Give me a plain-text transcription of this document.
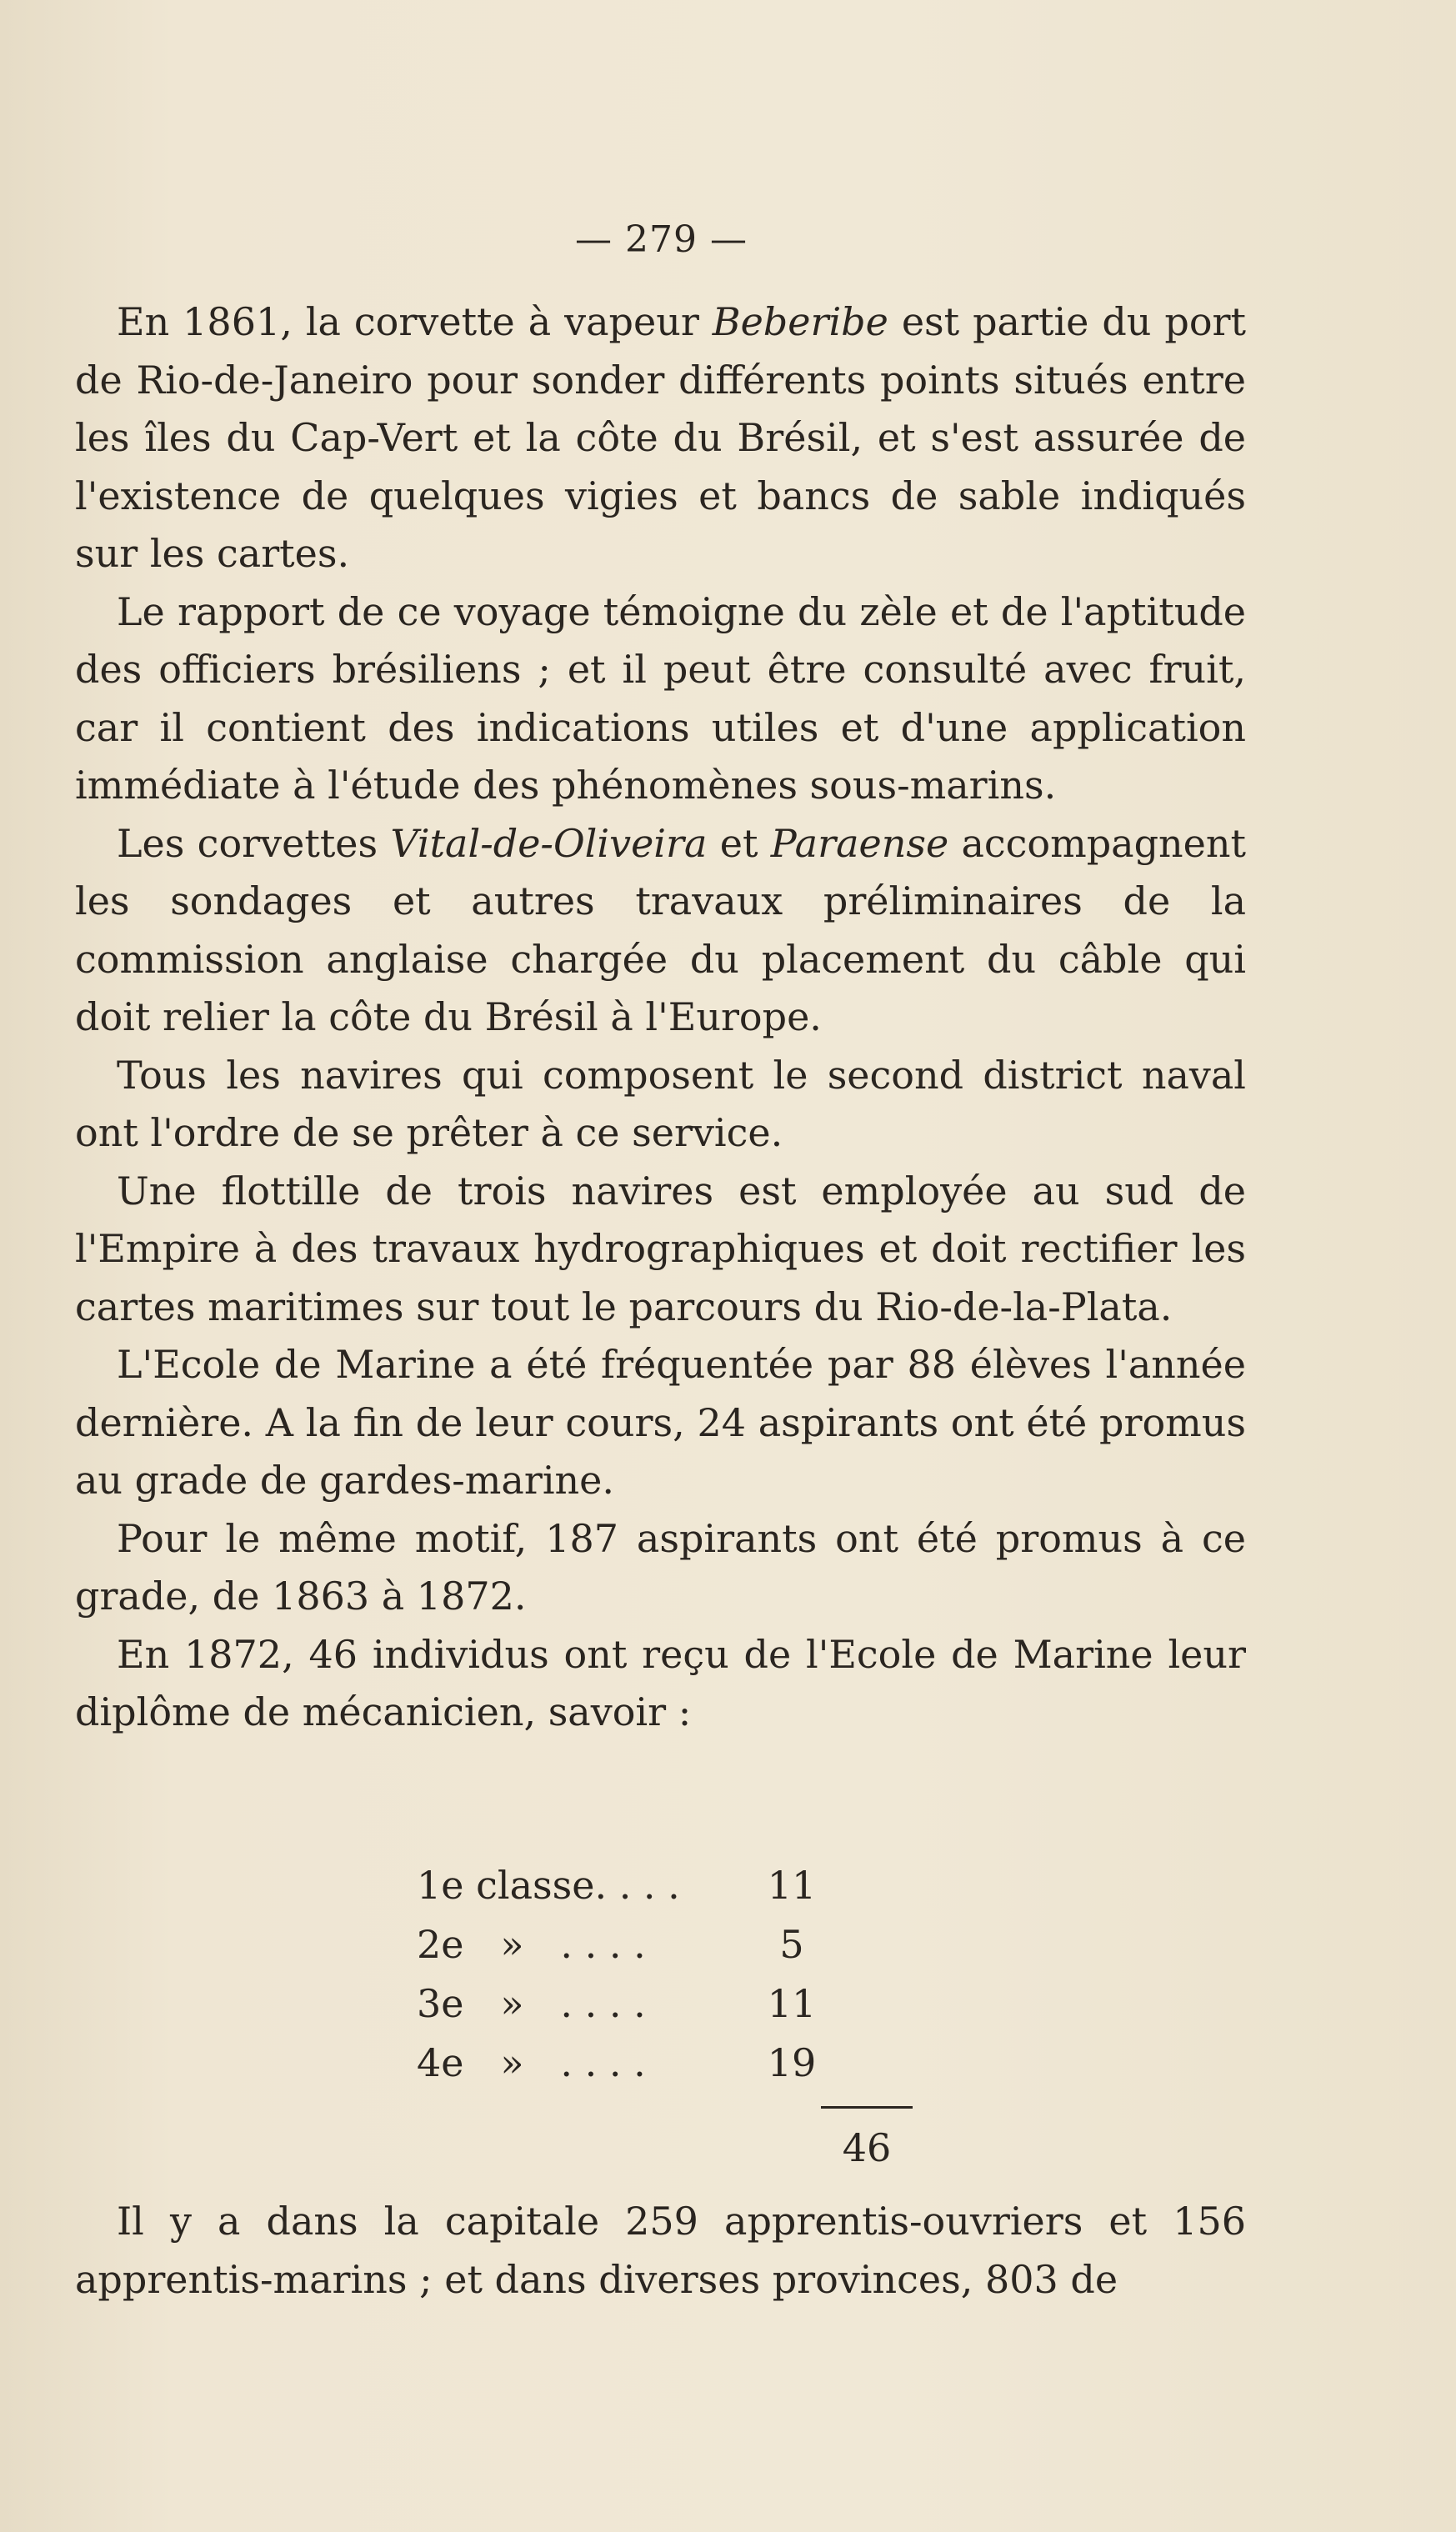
— 279 —

En 1861, la corvette à vapeur Beberibe est partie du port de Rio-de-Janeiro pour sonder différents points situés entre les îles du Cap-Vert et la côte du Brésil, et s'est assurée de l'existence de quelques vigies et bancs de sable indiqués sur les cartes.

Le rapport de ce voyage témoigne du zèle et de l'aptitude des officiers brésiliens ; et il peut être consulté avec fruit, car il contient des indications utiles et d'une application immédiate à l'étude des phénomènes sous-marins.

Les corvettes Vital-de-Oliveira et Paraense accompagnent les sondages et autres travaux préliminaires de la commission anglaise chargée du placement du câble qui doit relier la côte du Brésil à l'Europe.

Tous les navires qui composent le second district naval ont l'ordre de se prêter à ce service.

Une flottille de trois navires est employée au sud de l'Empire à des travaux hydrographiques et doit rectifier les cartes maritimes sur tout le parcours du Rio-de-la-Plata.

L'Ecole de Marine a été fréquentée par 88 élèves l'année dernière. A la fin de leur cours, 24 aspirants ont été promus au grade de gardes-marine.

Pour le même motif, 187 aspirants ont été promus à ce grade, de 1863 à 1872.

En 1872, 46 individus ont reçu de l'Ecole de Marine leur diplôme de mécanicien, savoir :

1e classe. . . .	11
2e   »   . . . .	5
3e   »   . . . .	11
4e   »   . . . .	19
46

Il y a dans la capitale 259 apprentis-ouvriers et 156 apprentis-marins ; et dans diverses provinces, 803 de
